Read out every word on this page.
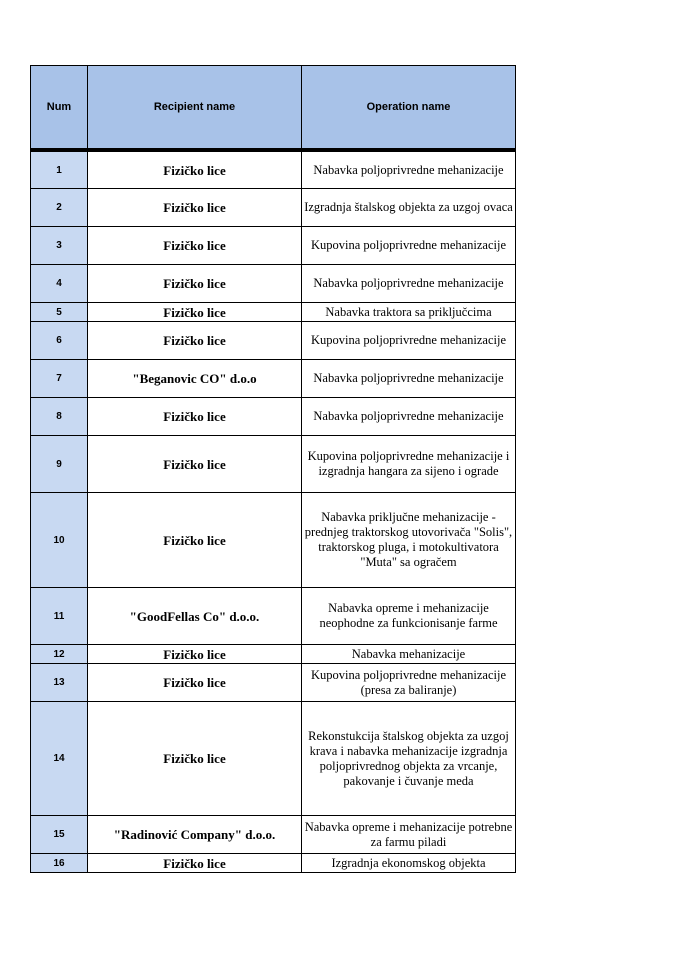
Num	Recipient name	Operation name

1	Fizičko lice	Nabavka poljoprivredne mehanizacije
2	Fizičko lice	Izgradnja štalskog objekta za uzgoj ovaca
3	Fizičko lice	Kupovina poljoprivredne mehanizacije
4	Fizičko lice	Nabavka poljoprivredne mehanizacije
5	Fizičko lice	Nabavka traktora sa priključcima
6	Fizičko lice	Kupovina poljoprivredne mehanizacije
7	"Beganovic CO" d.o.o	Nabavka poljoprivredne mehanizacije
8	Fizičko lice	Nabavka poljoprivredne mehanizacije
9	Fizičko lice	Kupovina poljoprivredne mehanizacije i izgradnja hangara za sijeno i ograde
10	Fizičko lice	Nabavka priključne mehanizacije - prednjeg traktorskog utovorivača "Solis", traktorskog pluga, i motokultivatora "Muta" sa ogračem
11	"GoodFellas Co" d.o.o.	Nabavka opreme i mehanizacije neophodne za funkcionisanje farme
12	Fizičko lice	Nabavka mehanizacije
13	Fizičko lice	Kupovina poljoprivredne mehanizacije (presa za baliranje)
14	Fizičko lice	Rekonstukcija štalskog objekta za uzgoj krava i nabavka mehanizacije izgradnja poljoprivrednog objekta za vrcanje, pakovanje i čuvanje meda
15	"Radinović Company" d.o.o.	Nabavka opreme i mehanizacije potrebne za farmu piladi
16	Fizičko lice	Izgradnja ekonomskog objekta
